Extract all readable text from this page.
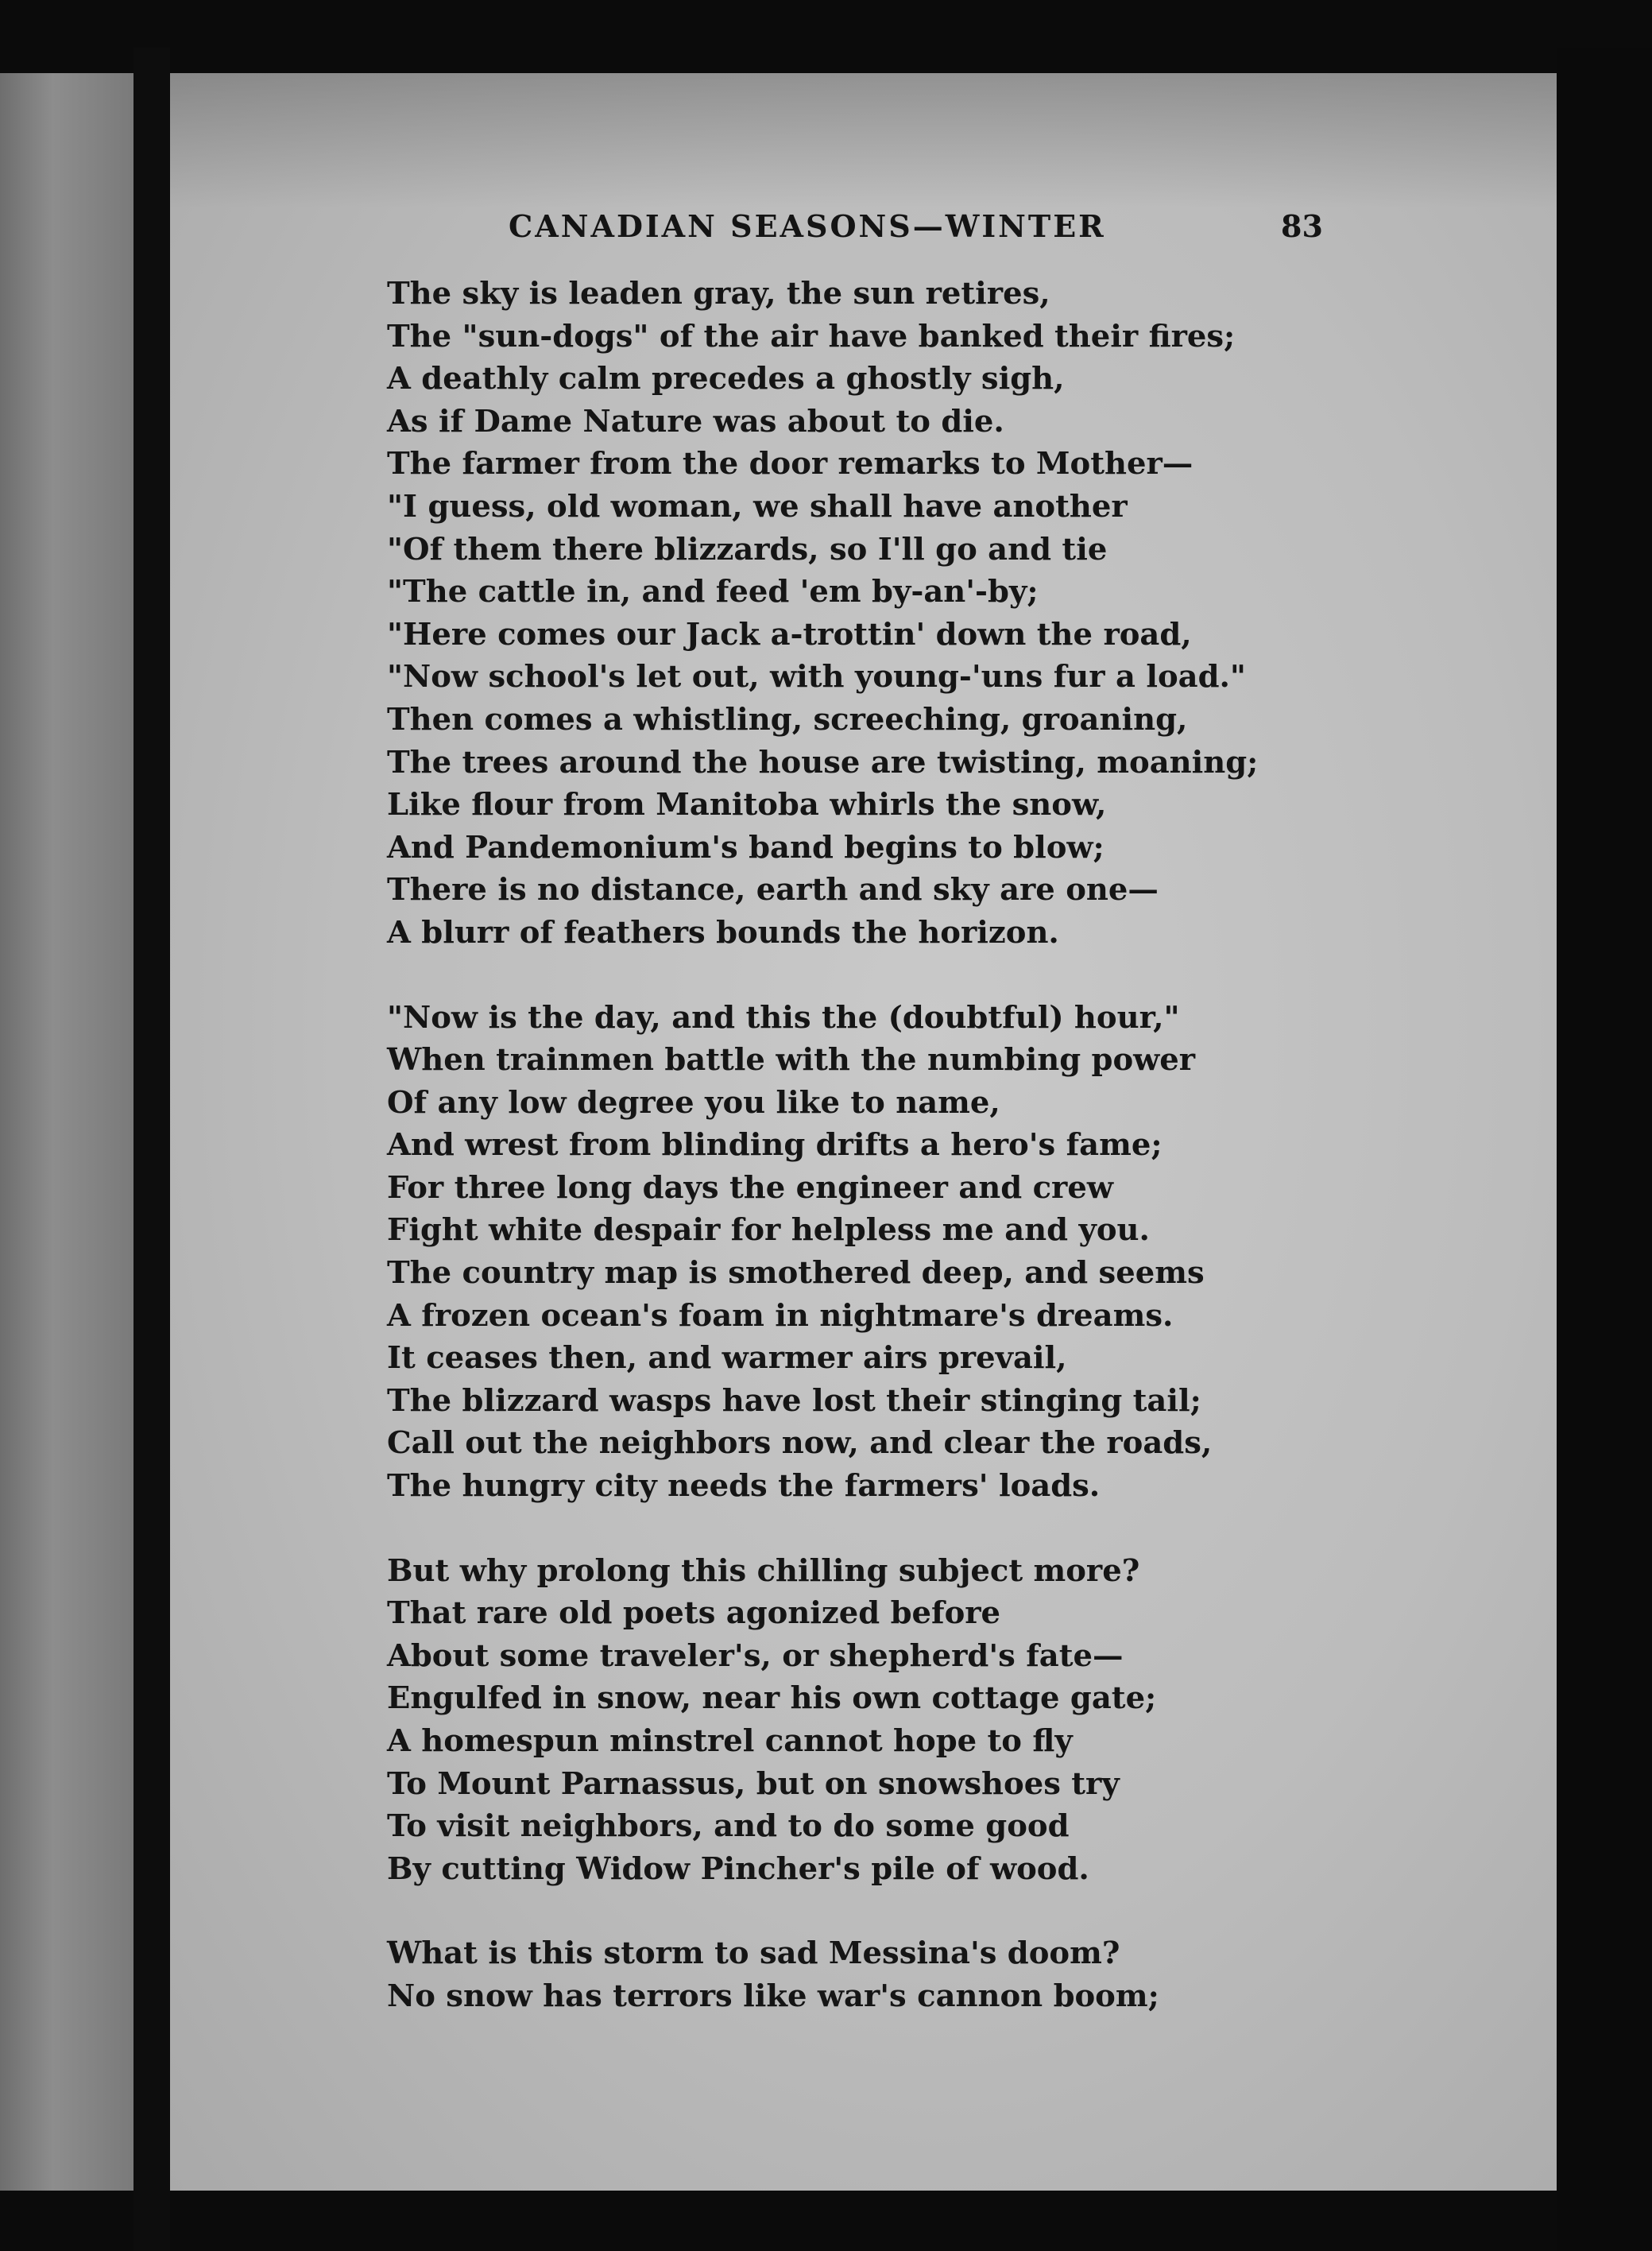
CANADIAN SEASONS—WINTER	83
The sky is leaden gray, the sun retires,
The "sun-dogs" of the air have banked their fires;
A deathly calm precedes a ghostly sigh,
As if Dame Nature was about to die.
The farmer from the door remarks to Mother—
"I guess, old woman, we shall have another
"Of them there blizzards, so I'll go and tie
"The cattle in, and feed 'em by-an'-by;
"Here comes our Jack a-trottin' down the road,
"Now school's let out, with young-'uns fur a load."
Then comes a whistling, screeching, groaning,
The trees around the house are twisting, moaning;
Like flour from Manitoba whirls the snow,
And Pandemonium's band begins to blow;
There is no distance, earth and sky are one—
A blurr of feathers bounds the horizon.
"Now is the day, and this the (doubtful) hour,"
When trainmen battle with the numbing power
Of any low degree you like to name,
And wrest from blinding drifts a hero's fame;
For three long days the engineer and crew
Fight white despair for helpless me and you.
The country map is smothered deep, and seems
A frozen ocean's foam in nightmare's dreams.
It ceases then, and warmer airs prevail,
The blizzard wasps have lost their stinging tail;
Call out the neighbors now, and clear the roads,
The hungry city needs the farmers' loads.
But why prolong this chilling subject more?
That rare old poets agonized before
About some traveler's, or shepherd's fate—
Engulfed in snow, near his own cottage gate;
A homespun minstrel cannot hope to fly
To Mount Parnassus, but on snowshoes try
To visit neighbors, and to do some good
By cutting Widow Pincher's pile of wood.
What is this storm to sad Messina's doom?
No snow has terrors like war's cannon boom;
